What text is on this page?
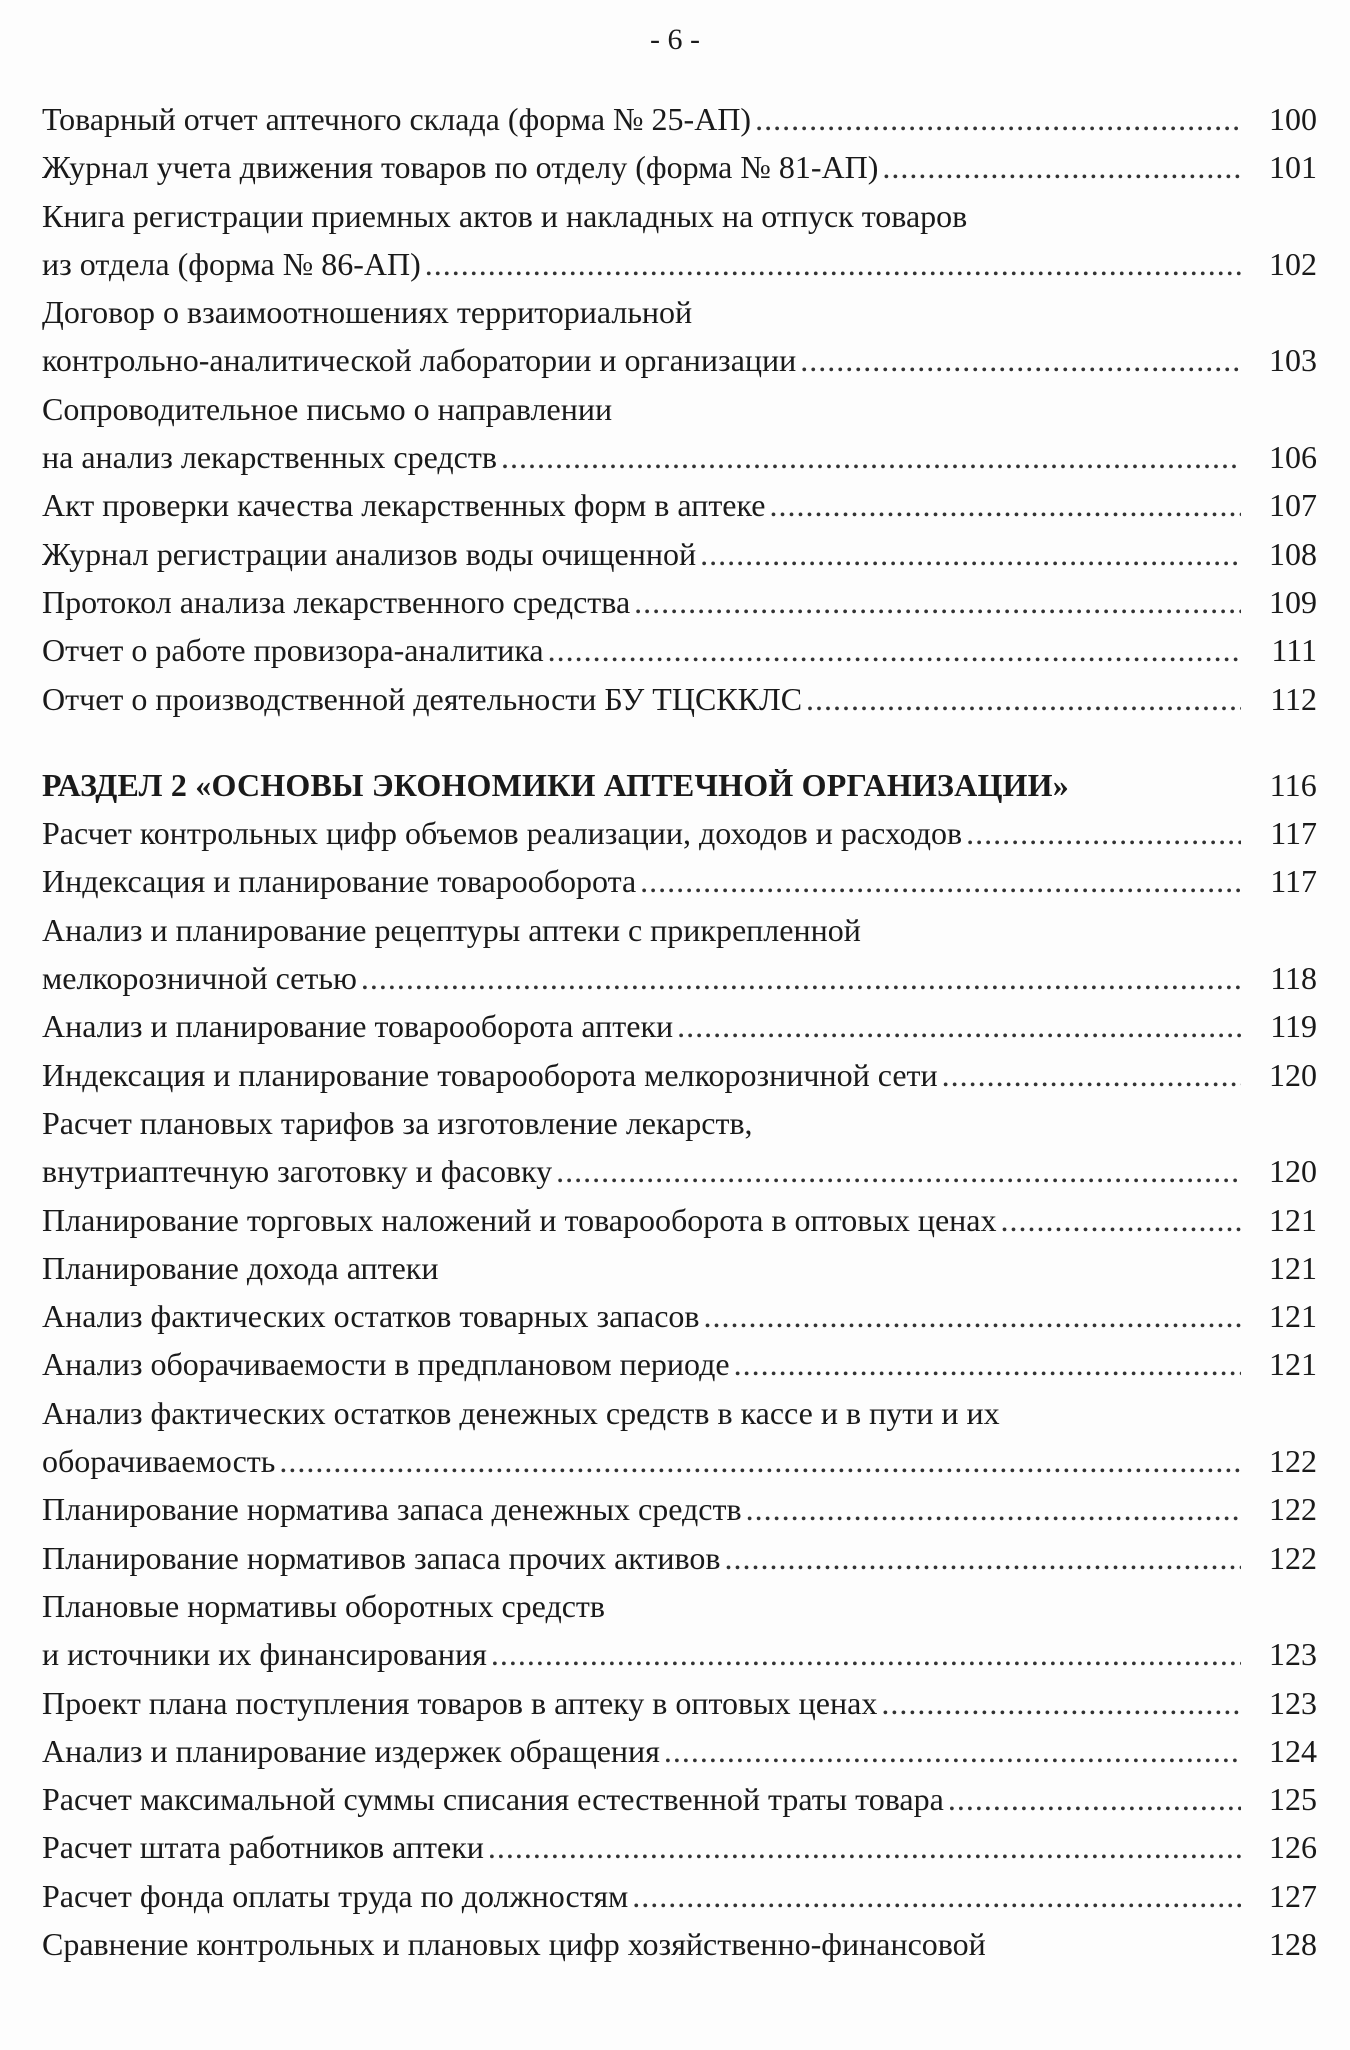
- 6 -
Товарный отчет аптечного склада (форма № 25-АП) .....	100
Журнал учета движения товаров по отделу (форма № 81-АП) .....	101
Книга регистрации приемных актов и накладных на отпуск товаров
из отдела (форма № 86-АП) .....	102
Договор о взаимоотношениях территориальной
контрольно-аналитической лаборатории и организации .....	103
Сопроводительное письмо о направлении
на анализ лекарственных средств .....	106
Акт проверки качества лекарственных форм в аптеке .....	107
Журнал регистрации анализов воды очищенной .....	108
Протокол анализа лекарственного средства .....	109
Отчет о работе провизора-аналитика .....	111
Отчет о производственной деятельности БУ ТЦСККЛС .....	112
РАЗДЕЛ 2 «ОСНОВЫ ЭКОНОМИКИ АПТЕЧНОЙ ОРГАНИЗАЦИИ»	116
Расчет контрольных цифр объемов реализации, доходов и расходов .....	117
Индексация и планирование товарооборота .....	117
Анализ и планирование рецептуры аптеки с прикрепленной
мелкорозничной сетью .....	118
Анализ и планирование товарооборота аптеки .....	119
Индексация и планирование товарооборота мелкорозничной сети .....	120
Расчет плановых тарифов за изготовление лекарств,
внутриаптечную заготовку и фасовку .....	120
Планирование торговых наложений и товарооборота в оптовых ценах .....	121
Планирование дохода аптеки	121
Анализ фактических остатков товарных запасов .....	121
Анализ оборачиваемости в предплановом периоде .....	121
Анализ фактических остатков денежных средств в кассе и в пути и их
оборачиваемость .....	122
Планирование норматива запаса денежных средств .....	122
Планирование нормативов запаса прочих активов .....	122
Плановые нормативы оборотных средств
и источники их финансирования .....	123
Проект плана поступления товаров в аптеку в оптовых ценах .....	123
Анализ и планирование издержек обращения .....	124
Расчет максимальной суммы списания естественной траты товара .....	125
Расчет штата работников аптеки .....	126
Расчет фонда оплаты труда по должностям .....	127
Сравнение контрольных и плановых цифр хозяйственно-финансовой	128
